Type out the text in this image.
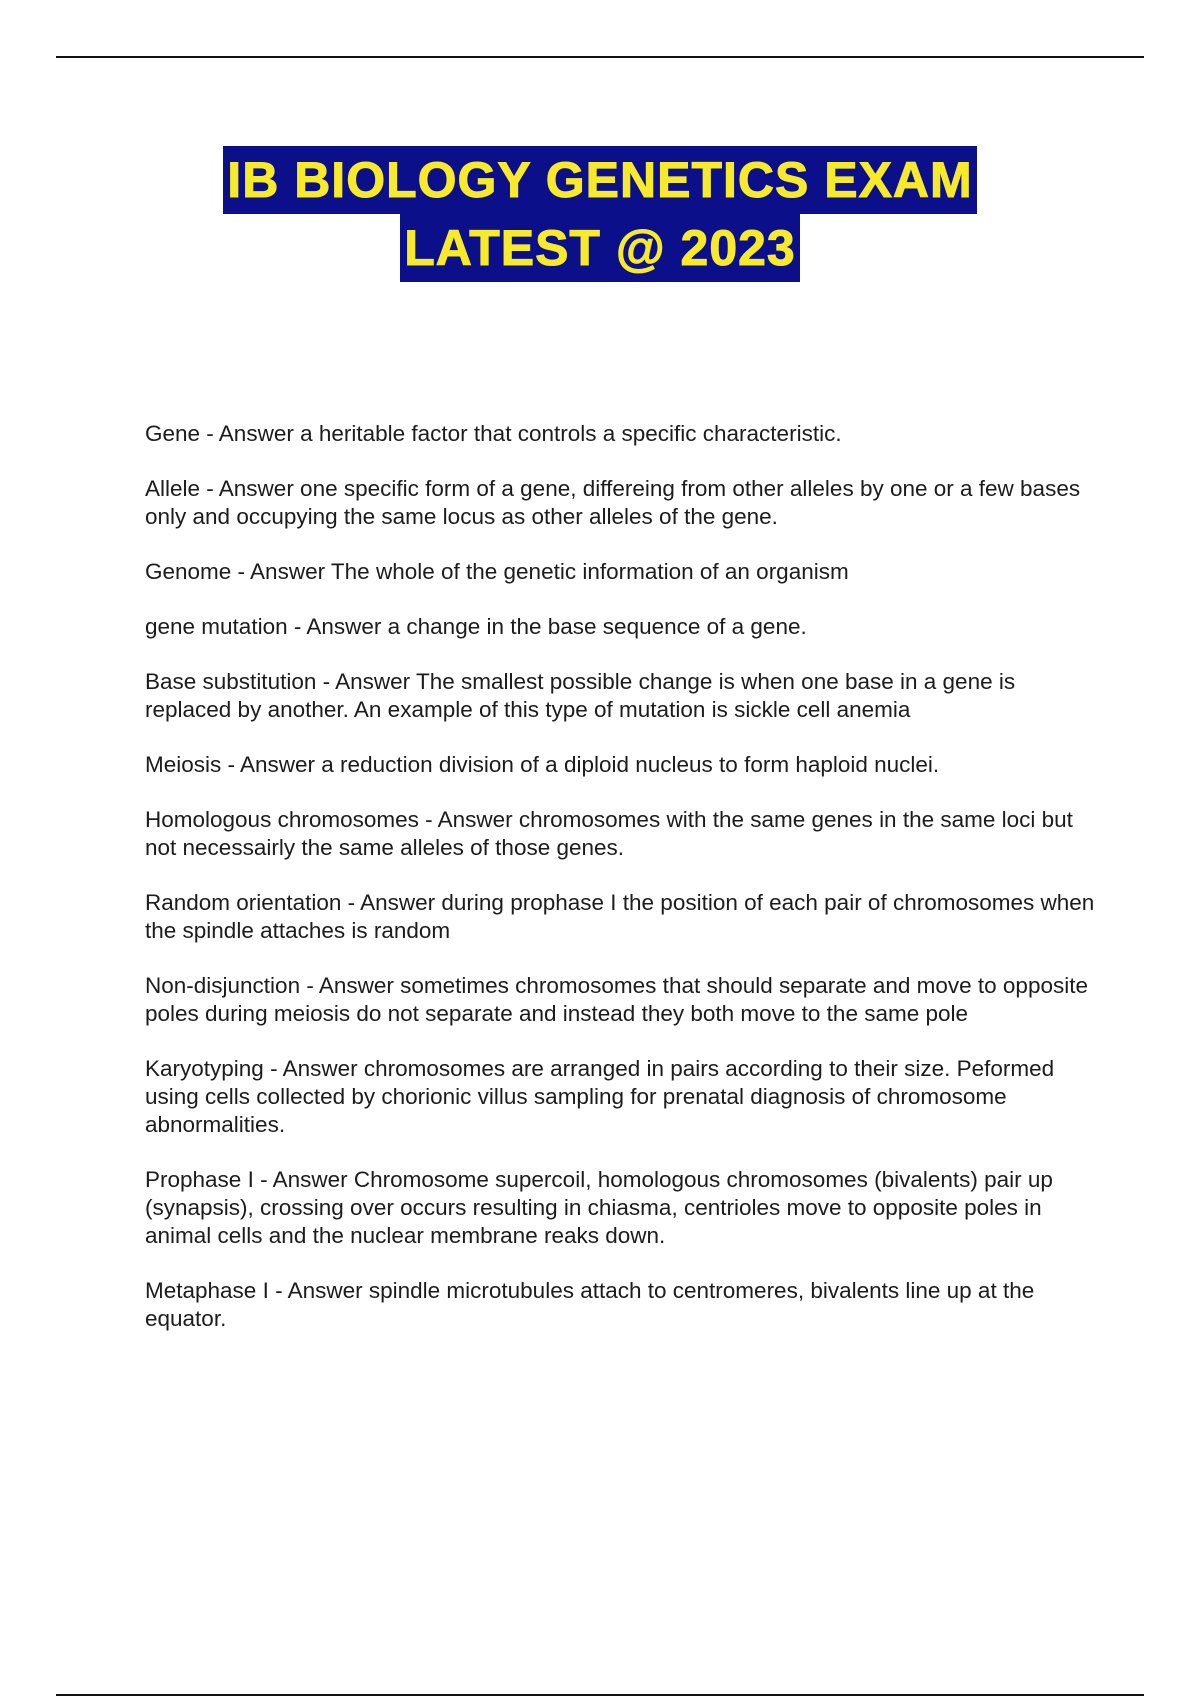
IB BIOLOGY GENETICS EXAM
LATEST @ 2023

Gene - Answer a heritable factor that controls a specific characteristic.

Allele - Answer one specific form of a gene, differeing from other alleles by one or a few bases only and occupying the same locus as other alleles of the gene.

Genome - Answer The whole of the genetic information of an organism

gene mutation - Answer a change in the base sequence of a gene.

Base substitution - Answer The smallest possible change is when one base in a gene is replaced by another. An example of this type of mutation is sickle cell anemia

Meiosis - Answer a reduction division of a diploid nucleus to form haploid nuclei.

Homologous chromosomes - Answer chromosomes with the same genes in the same loci but not necessairly the same alleles of those genes.

Random orientation - Answer during prophase I the position of each pair of chromosomes when the spindle attaches is random

Non-disjunction - Answer sometimes chromosomes that should separate and move to opposite poles during meiosis do not separate and instead they both move to the same pole

Karyotyping - Answer chromosomes are arranged in pairs according to their size. Peformed using cells collected by chorionic villus sampling for prenatal diagnosis of chromosome abnormalities.

Prophase I - Answer Chromosome supercoil, homologous chromosomes (bivalents) pair up (synapsis), crossing over occurs resulting in chiasma, centrioles move to opposite poles in animal cells and the nuclear membrane reaks down.

Metaphase I - Answer spindle microtubules attach to centromeres, bivalents line up at the equator.
